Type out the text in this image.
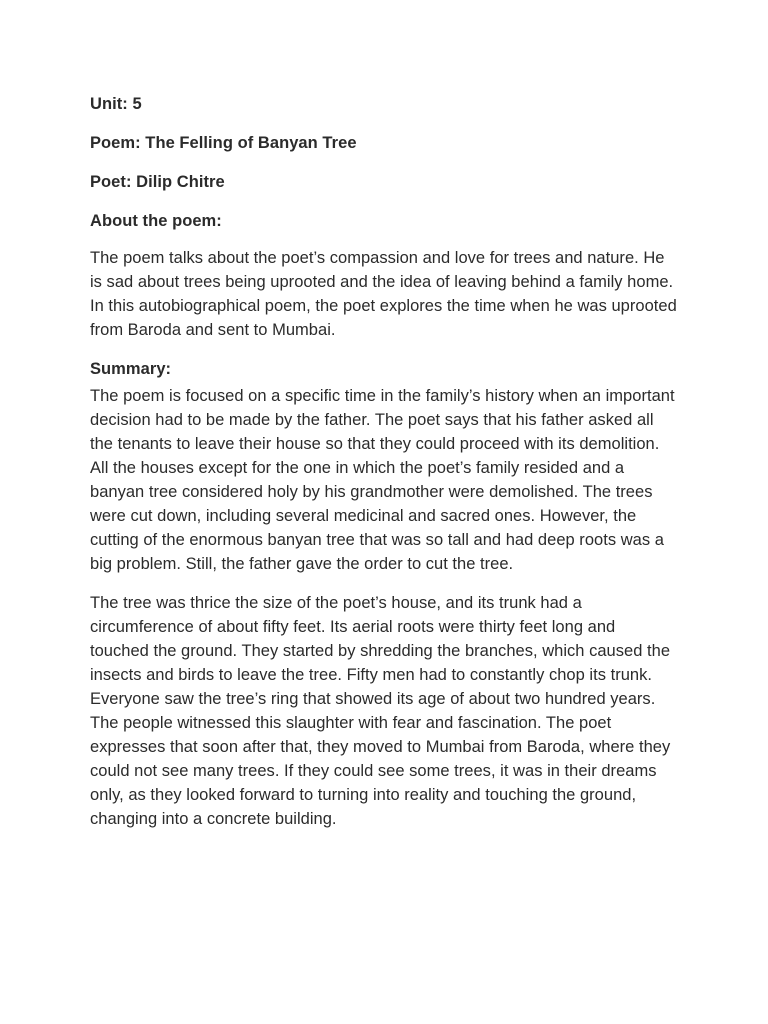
Unit: 5

Poem: The Felling of Banyan Tree

Poet: Dilip Chitre

About the poem:

The poem talks about the poet’s compassion and love for trees and nature. He is sad about trees being uprooted and the idea of leaving behind a family home. In this autobiographical poem, the poet explores the time when he was uprooted from Baroda and sent to Mumbai.

Summary:

The poem is focused on a specific time in the family’s history when an important decision had to be made by the father. The poet says that his father asked all the tenants to leave their house so that they could proceed with its demolition. All the houses except for the one in which the poet’s family resided and a banyan tree considered holy by his grandmother were demolished. The trees were cut down, including several medicinal and sacred ones. However, the cutting of the enormous banyan tree that was so tall and had deep roots was a big problem. Still, the father gave the order to cut the tree.

The tree was thrice the size of the poet’s house, and its trunk had a circumference of about fifty feet. Its aerial roots were thirty feet long and touched the ground. They started by shredding the branches, which caused the insects and birds to leave the tree. Fifty men had to constantly chop its trunk. Everyone saw the tree’s ring that showed its age of about two hundred years. The people witnessed this slaughter with fear and fascination. The poet expresses that soon after that, they moved to Mumbai from Baroda, where they could not see many trees. If they could see some trees, it was in their dreams only, as they looked forward to turning into reality and touching the ground, changing into a concrete building.
